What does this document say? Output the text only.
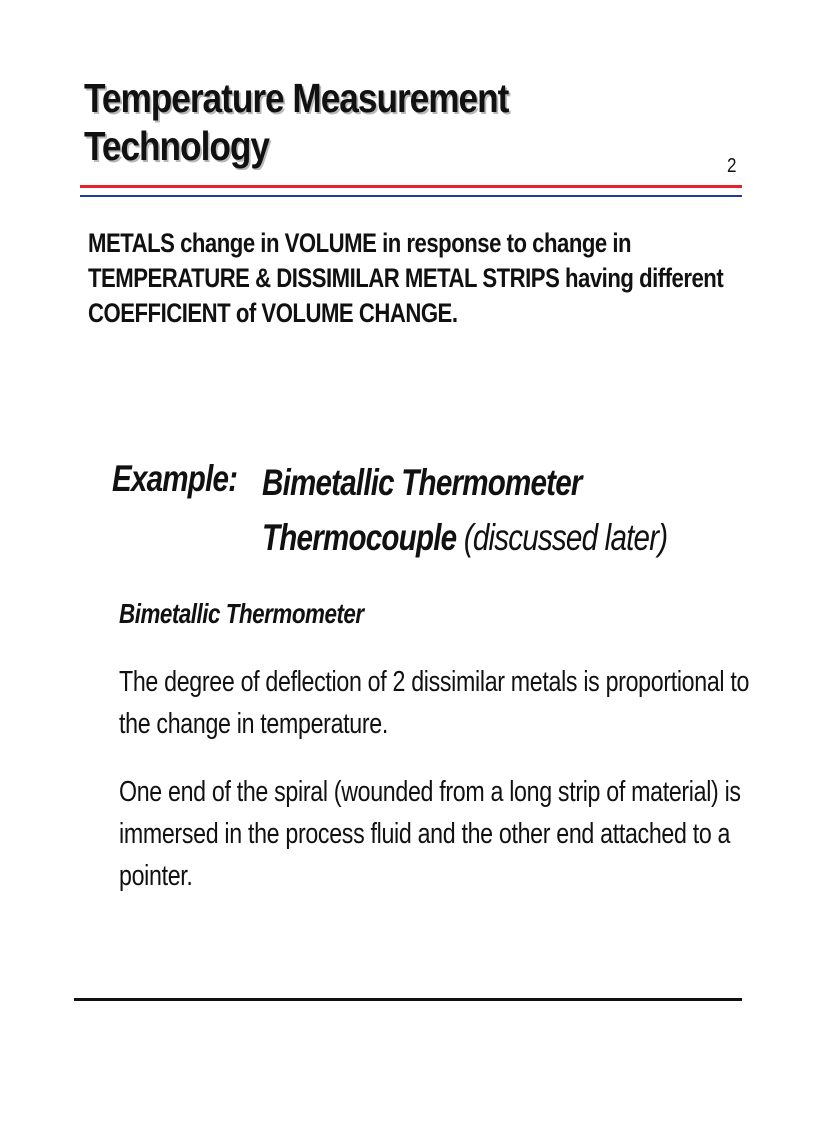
Temperature Measurement
Technology	2

METALS change in VOLUME in response to change in
TEMPERATURE & DISSIMILAR METAL STRIPS having different
COEFFICIENT of VOLUME CHANGE.

Example: Bimetallic Thermometer
Thermocouple (discussed later)
Bimetallic Thermometer

The degree of deflection of 2 dissimilar metals is proportional to
the change in temperature.

One end of the spiral (wounded from a long strip of material) is
immersed in the process fluid and the other end attached to a
pointer.
